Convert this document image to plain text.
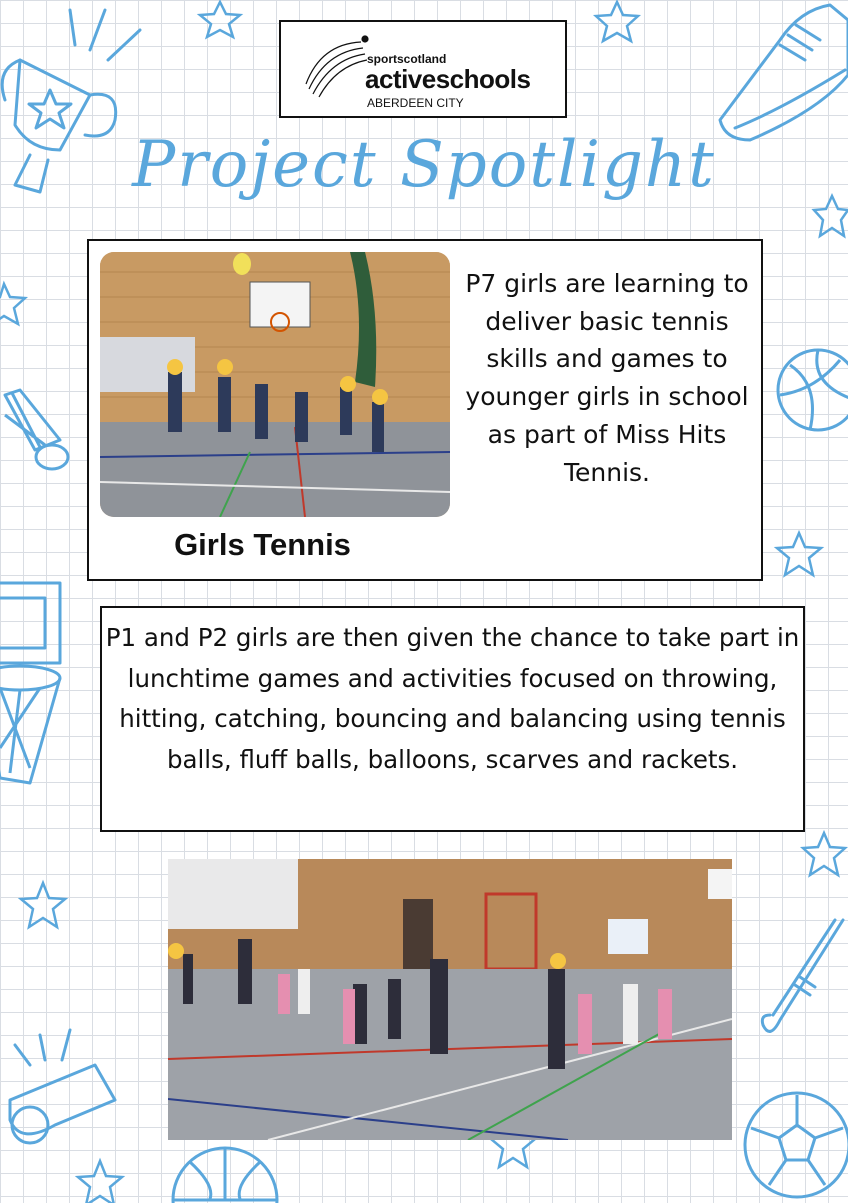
sportscotland
activeschools
ABERDEEN CITY
Project Spotlight
Girls Tennis
P7 girls are learning to deliver basic tennis skills and games to younger girls in school as part of Miss Hits Tennis.
P1 and P2 girls are then given the chance to take part in lunchtime games and activities focused on throwing, hitting, catching, bouncing and balancing using tennis balls, fluff balls, balloons, scarves and rackets.
